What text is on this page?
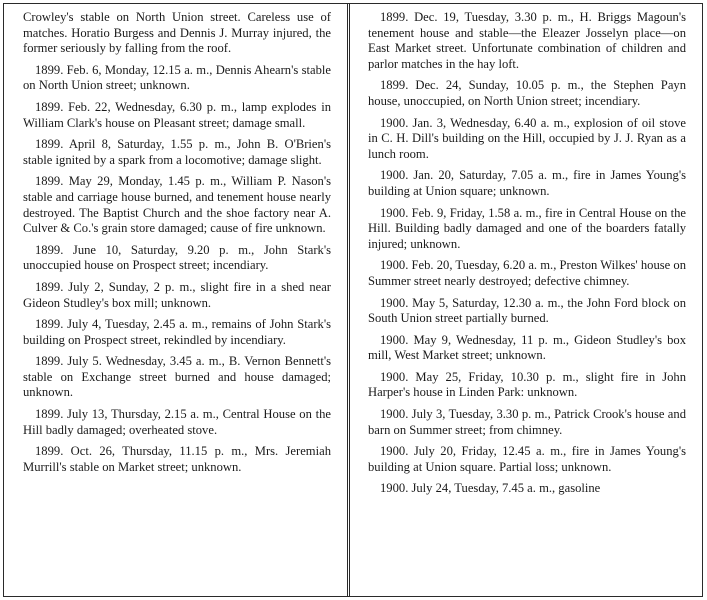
Crowley's stable on North Union street. Careless use of matches. Horatio Burgess and Dennis J. Murray injured, the former seriously by falling from the roof.

1899. Feb. 6, Monday, 12.15 a. m., Dennis Ahearn's stable on North Union street; unknown.

1899. Feb. 22, Wednesday, 6.30 p. m., lamp explodes in William Clark's house on Pleasant street; damage small.

1899. April 8, Saturday, 1.55 p. m., John B. O'Brien's stable ignited by a spark from a locomotive; damage slight.

1899. May 29, Monday, 1.45 p. m., William P. Nason's stable and carriage house burned, and tenement house nearly destroyed. The Baptist Church and the shoe factory near A. Culver & Co.'s grain store damaged; cause of fire unknown.

1899. June 10, Saturday, 9.20 p. m., John Stark's unoccupied house on Prospect street; incendiary.

1899. July 2, Sunday, 2 p. m., slight fire in a shed near Gideon Studley's box mill; unknown.

1899. July 4, Tuesday, 2.45 a. m., remains of John Stark's building on Prospect street, rekindled by incendiary.

1899. July 5. Wednesday, 3.45 a. m., B. Vernon Bennett's stable on Exchange street burned and house damaged; unknown.

1899. July 13, Thursday, 2.15 a. m., Central House on the Hill badly damaged; overheated stove.

1899. Oct. 26, Thursday, 11.15 p. m., Mrs. Jeremiah Murrill's stable on Market street; unknown.

1899. Dec. 19, Tuesday, 3.30 p. m., H. Briggs Magoun's tenement house and stable—the Eleazer Josselyn place—on East Market street. Unfortunate combination of children and parlor matches in the hay loft.

1899. Dec. 24, Sunday, 10.05 p. m., the Stephen Payn house, unoccupied, on North Union street; incendiary.

1900. Jan. 3, Wednesday, 6.40 a. m., explosion of oil stove in C. H. Dill's building on the Hill, occupied by J. J. Ryan as a lunch room.

1900. Jan. 20, Saturday, 7.05 a. m., fire in James Young's building at Union square; unknown.

1900. Feb. 9, Friday, 1.58 a. m., fire in Central House on the Hill. Building badly damaged and one of the boarders fatally injured; unknown.

1900. Feb. 20, Tuesday, 6.20 a. m., Preston Wilkes' house on Summer street nearly destroyed; defective chimney.

1900. May 5, Saturday, 12.30 a. m., the John Ford block on South Union street partially burned.

1900. May 9, Wednesday, 11 p. m., Gideon Studley's box mill, West Market street; unknown.

1900. May 25, Friday, 10.30 p. m., slight fire in John Harper's house in Linden Park: unknown.

1900. July 3, Tuesday, 3.30 p. m., Patrick Crook's house and barn on Summer street; from chimney.

1900. July 20, Friday, 12.45 a. m., fire in James Young's building at Union square. Partial loss; unknown.

1900. July 24, Tuesday, 7.45 a. m., gasoline
